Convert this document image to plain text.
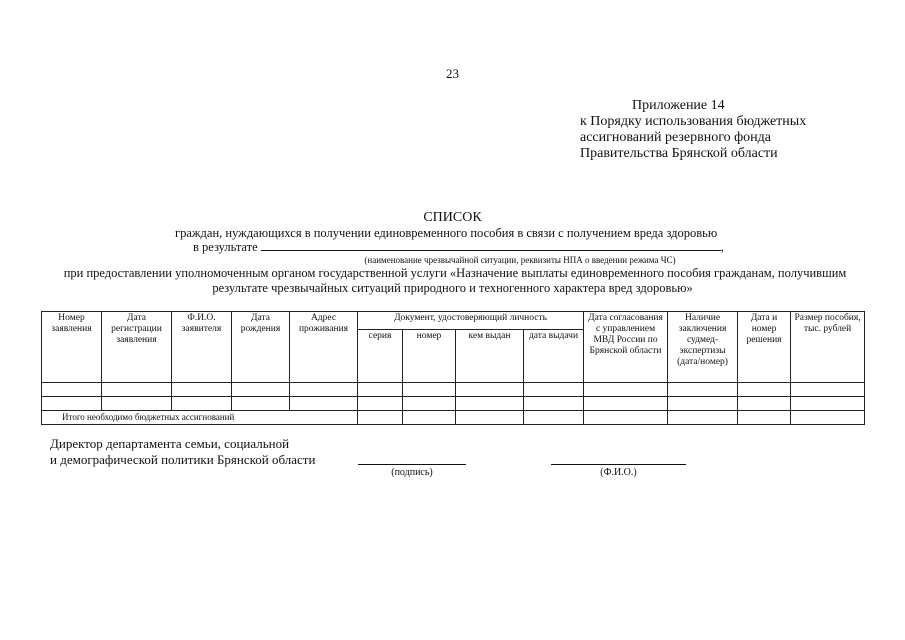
23
Приложение 14
к Порядку использования бюджетных
ассигнований резервного фонда
Правительства Брянской области
СПИСОК
граждан, нуждающихся в получении единовременного пособия в связи с получением вреда здоровью
в результате	,
(наименование чрезвычайной ситуации, реквизиты НПА о введении режима ЧС)
при предоставлении уполномоченным органом государственной услуги «Назначение выплаты единовременного пособия гражданам, получившим
результате чрезвычайных ситуаций природного и техногенного характера вред здоровью»
Номер заявления	Дата регистрации заявления	Ф.И.О. заявителя	Дата рождения	Адрес проживания	Документ, удостоверяющий личность				Дата согласования с управлением МВД России по Брянской области	Наличие заключения судмед-экспертизы (дата/номер)	Дата и номер решения	Размер пособия, тыс. рублей
					серия	номер	кем выдан	дата выдачи				

Итого необходимо бюджетных ассигнований												
Директор департамента семьи, социальной
и демографической политики Брянской области
(подпись)	(Ф.И.О.)
